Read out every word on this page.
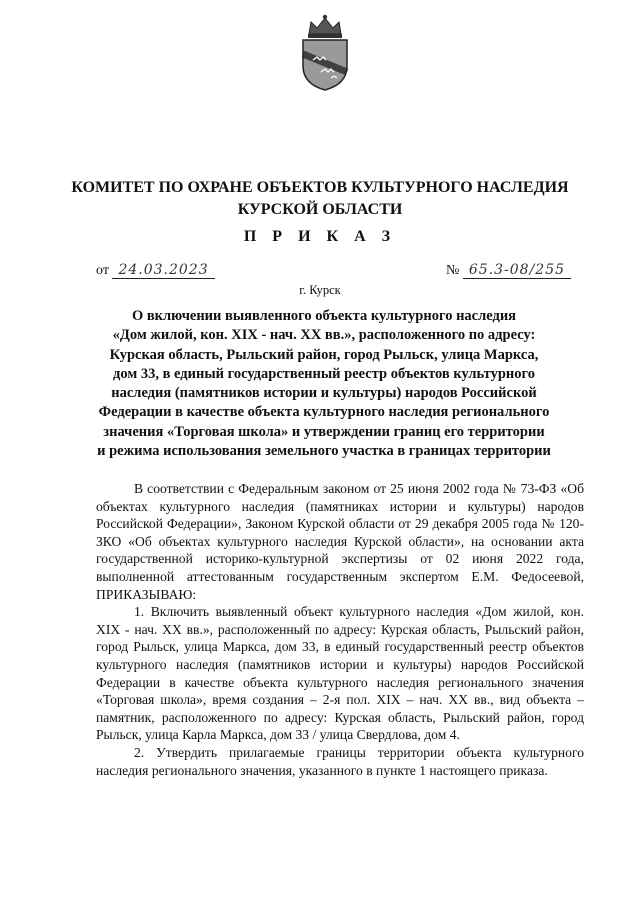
КОМИТЕТ ПО ОХРАНЕ ОБЪЕКТОВ КУЛЬТУРНОГО НАСЛЕДИЯ
КУРСКОЙ ОБЛАСТИ
П Р И К А З
от 24.03.2023	№ 65.3-08/255
г. Курск
О включении выявленного объекта культурного наследия
«Дом жилой, кон. XIX - нач. XX вв.», расположенного по адресу:
Курская область, Рыльский район, город Рыльск, улица Маркса,
дом 33, в единый государственный реестр объектов культурного
наследия (памятников истории и культуры) народов Российской
Федерации в качестве объекта культурного наследия регионального
значения «Торговая школа» и утверждении границ его территории
и режима использования земельного участка в границах территории

В соответствии с Федеральным законом от 25 июня 2002 года № 73-ФЗ «Об объектах культурного наследия (памятниках истории и культуры) народов Российской Федерации», Законом Курской области от 29 декабря 2005 года № 120-ЗКО «Об объектах культурного наследия Курской области», на основании акта государственной историко-культурной экспертизы от 02 июня 2022 года, выполненной аттестованным государственным экспертом Е.М. Федосеевой, ПРИКАЗЫВАЮ:

1. Включить выявленный объект культурного наследия «Дом жилой, кон. XIX - нач. XX вв.», расположенный по адресу: Курская область, Рыльский район, город Рыльск, улица Маркса, дом 33, в единый государственный реестр объектов культурного наследия (памятников истории и культуры) народов Российской Федерации в качестве объекта культурного наследия регионального значения «Торговая школа», время создания – 2-я пол. XIX – нач. XX вв., вид объекта – памятник, расположенного по адресу: Курская область, Рыльский район, город Рыльск, улица Карла Маркса, дом 33 / улица Свердлова, дом 4.

2. Утвердить прилагаемые границы территории объекта культурного наследия регионального значения, указанного в пункте 1 настоящего приказа.
